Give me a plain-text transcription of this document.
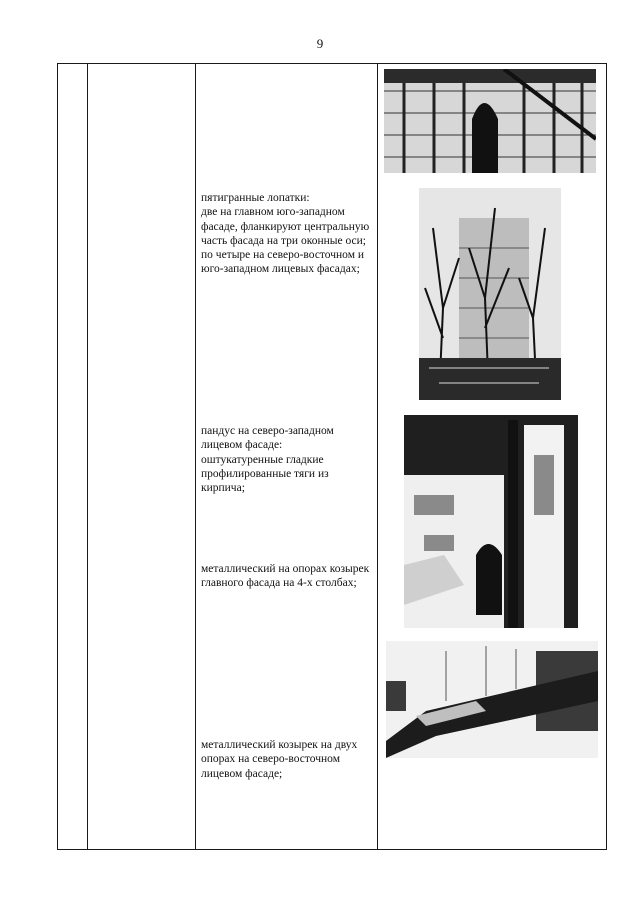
9
пятигранные лопатки:
две на главном юго-западном фасаде, фланкируют центральную часть фасада на три оконные оси;
по четыре на северо-восточном и юго-западном лицевых фасадах;
пандус на северо-западном лицевом фасаде:
оштукатуренные гладкие профилированные тяги из кирпича;
металлический на опорах козырек главного фасада на 4-х столбах;
металлический козырек на двух опорах на северо-восточном лицевом фасаде;
